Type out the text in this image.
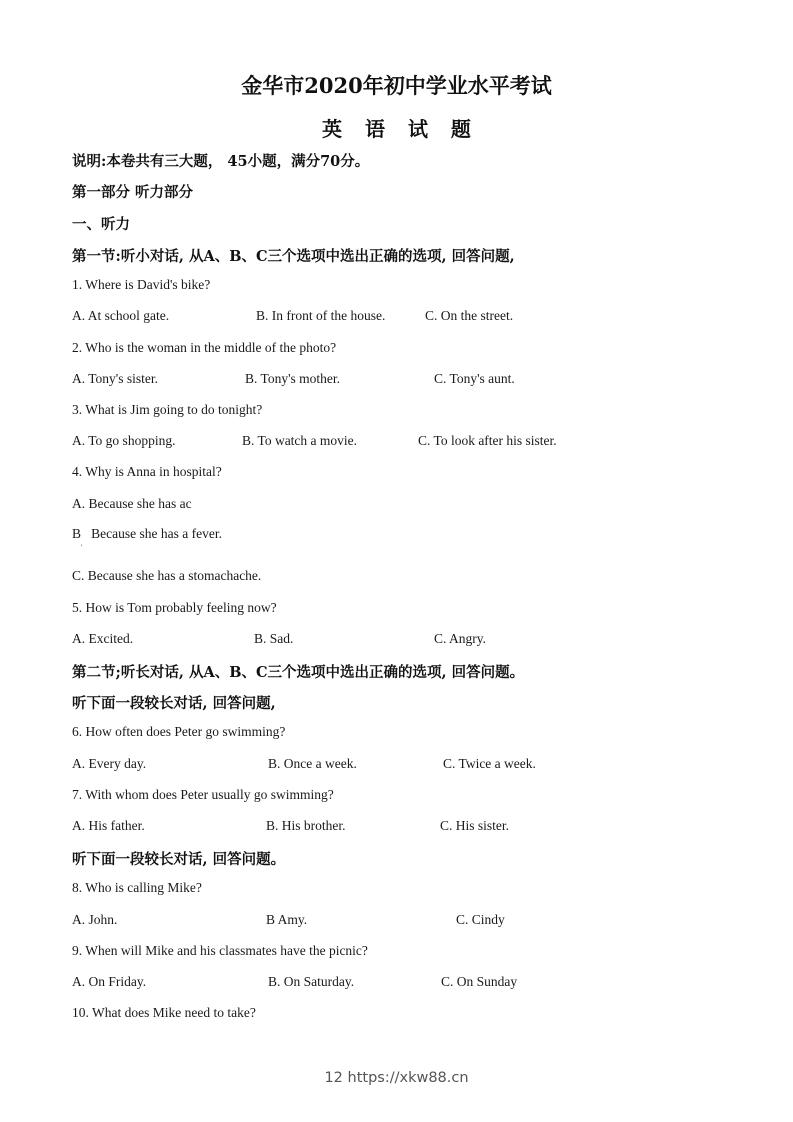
金华市2020年初中学业水平考试
英 语 试 题
说明:本卷共有三大题， 45小题，满分70分。
第一部分 听力部分
一、听力
第一节:听小对话, 从A、B、C三个选项中选出正确的选项, 回答问题,
1. Where is David's bike?
A. At school gate.	B. In front of the house.	C. On the street.
2. Who is the woman in the middle of the photo?
A. Tony's sister.	B. Tony's mother.	C. Tony's aunt.
3. What is Jim going to do tonight?
A. To go shopping.	B. To watch a movie.	C. To look after his sister.
4. Why is Anna in hospital?
A. Because she has ac
B   Because she has a fever.
'
C. Because she has a stomachache.
5. How is Tom probably feeling now?
A. Excited.	B. Sad.	C. Angry.
第二节;听长对话, 从A、B、C三个选项中选出正确的选项, 回答问题。
听下面一段较长对话, 回答问题,
6. How often does Peter go swimming?
A. Every day.	B. Once a week.	C. Twice a week.
7. With whom does Peter usually go swimming?
A. His father.	B. His brother.	C. His sister.
听下面一段较长对话, 回答问题。
8. Who is calling Mike?
A. John.	B Amy.	C. Cindy
9. When will Mike and his classmates have the picnic?
A. On Friday.	B. On Saturday.	C. On Sunday
10. What does Mike need to take?
12 https://xkw88.cn
